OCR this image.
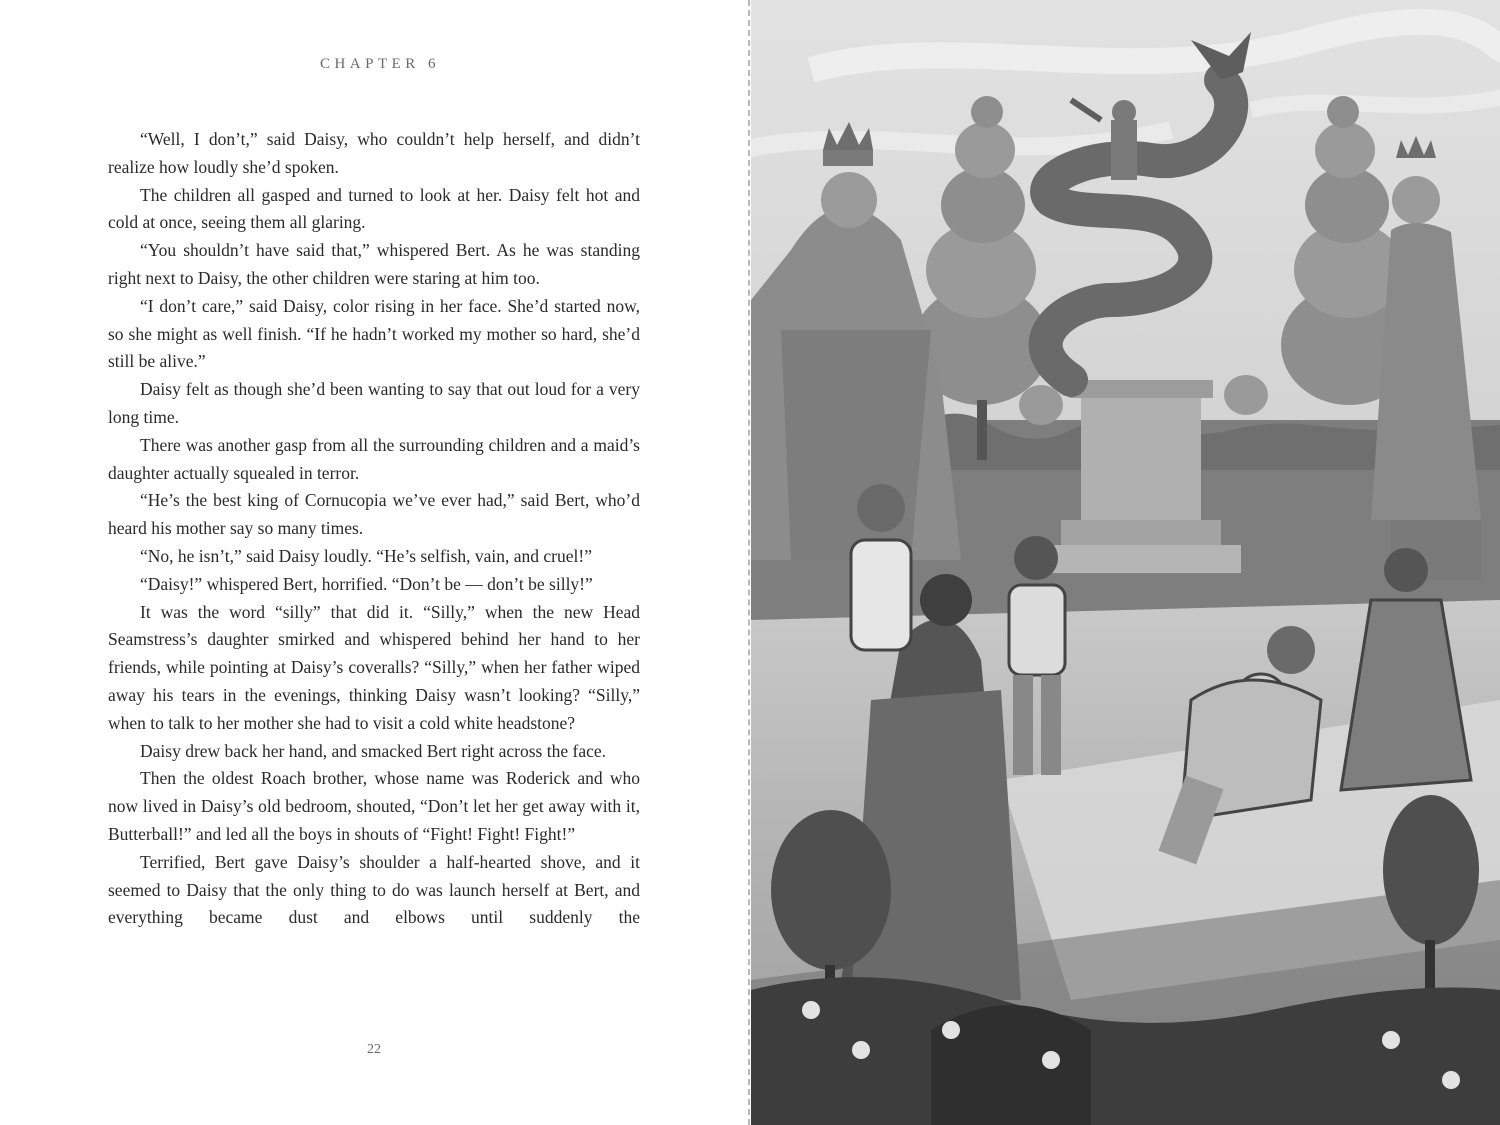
CHAPTER 6

“Well, I don’t,” said Daisy, who couldn’t help herself, and didn’t realize how loudly she’d spoken.

The children all gasped and turned to look at her. Daisy felt hot and cold at once, seeing them all glaring.

“You shouldn’t have said that,” whispered Bert. As he was standing right next to Daisy, the other children were staring at him too.

“I don’t care,” said Daisy, color rising in her face. She’d started now, so she might as well finish. “If he hadn’t worked my mother so hard, she’d still be alive.”

Daisy felt as though she’d been wanting to say that out loud for a very long time.

There was another gasp from all the surrounding children and a maid’s daughter actually squealed in terror.

“He’s the best king of Cornucopia we’ve ever had,” said Bert, who’d heard his mother say so many times.

“No, he isn’t,” said Daisy loudly. “He’s selfish, vain, and cruel!”

“Daisy!” whispered Bert, horrified. “Don’t be — don’t be silly!”

It was the word “silly” that did it. “Silly,” when the new Head Seamstress’s daughter smirked and whispered behind her hand to her friends, while pointing at Daisy’s coveralls? “Silly,” when her father wiped away his tears in the evenings, thinking Daisy wasn’t looking? “Silly,” when to talk to her mother she had to visit a cold white headstone?

Daisy drew back her hand, and smacked Bert right across the face.

Then the oldest Roach brother, whose name was Roderick and who now lived in Daisy’s old bedroom, shouted, “Don’t let her get away with it, Butterball!” and led all the boys in shouts of “Fight! Fight! Fight!”

Terrified, Bert gave Daisy’s shoulder a half-hearted shove, and it seemed to Daisy that the only thing to do was launch herself at Bert, and everything became dust and elbows until suddenly the

22
